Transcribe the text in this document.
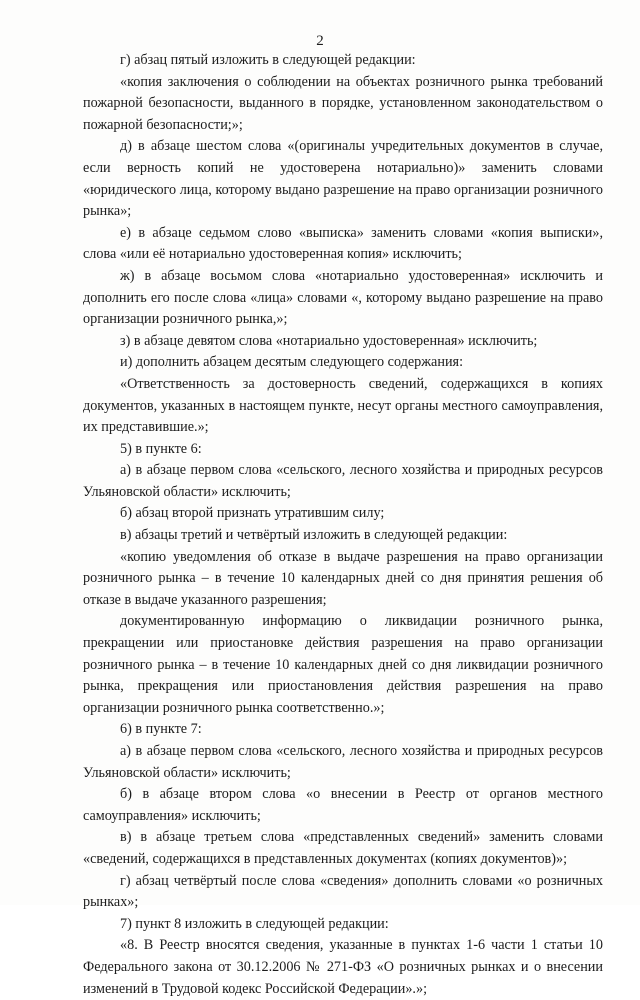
2

г) абзац пятый изложить в следующей редакции:

«копия заключения о соблюдении на объектах розничного рынка требований пожарной безопасности, выданного в порядке, установленном законодательством о пожарной безопасности;»;

д) в абзаце шестом слова «(оригиналы учредительных документов в случае, если верность копий не удостоверена нотариально)» заменить словами «юридического лица, которому выдано разрешение на право организации розничного рынка»;

е) в абзаце седьмом слово «выписка» заменить словами «копия выписки», слова «или её нотариально удостоверенная копия» исключить;

ж) в абзаце восьмом слова «нотариально удостоверенная» исключить и дополнить его после слова «лица» словами «, которому выдано разрешение на право организации розничного рынка,»;

з) в абзаце девятом слова «нотариально удостоверенная» исключить;

и) дополнить абзацем десятым следующего содержания:

«Ответственность за достоверность сведений, содержащихся в копиях документов, указанных в настоящем пункте, несут органы местного самоуправления, их представившие.»;

5) в пункте 6:

а) в абзаце первом слова «сельского, лесного хозяйства и природных ресурсов Ульяновской области» исключить;

б) абзац второй признать утратившим силу;

в) абзацы третий и четвёртый изложить в следующей редакции:

«копию уведомления об отказе в выдаче разрешения на право организации розничного рынка – в течение 10 календарных дней со дня принятия решения об отказе в выдаче указанного разрешения;

документированную информацию о ликвидации розничного рынка, прекращении или приостановке действия разрешения на право организации розничного рынка – в течение 10 календарных дней со дня ликвидации розничного рынка, прекращения или приостановления действия разрешения на право организации розничного рынка соответственно.»;

6) в пункте 7:

а) в абзаце первом слова «сельского, лесного хозяйства и природных ресурсов Ульяновской области» исключить;

б) в абзаце втором слова «о внесении в Реестр от органов местного самоуправления» исключить;

в) в абзаце третьем слова «представленных сведений» заменить словами «сведений, содержащихся в представленных документах (копиях документов)»;

г) абзац четвёртый после слова «сведения» дополнить словами «о розничных рынках»;

7) пункт 8 изложить в следующей редакции:

«8. В Реестр вносятся сведения, указанные в пунктах 1-6 части 1 статьи 10 Федерального закона от 30.12.2006 № 271-ФЗ «О розничных рынках и о внесении изменений в Трудовой кодекс Российской Федерации».»;
